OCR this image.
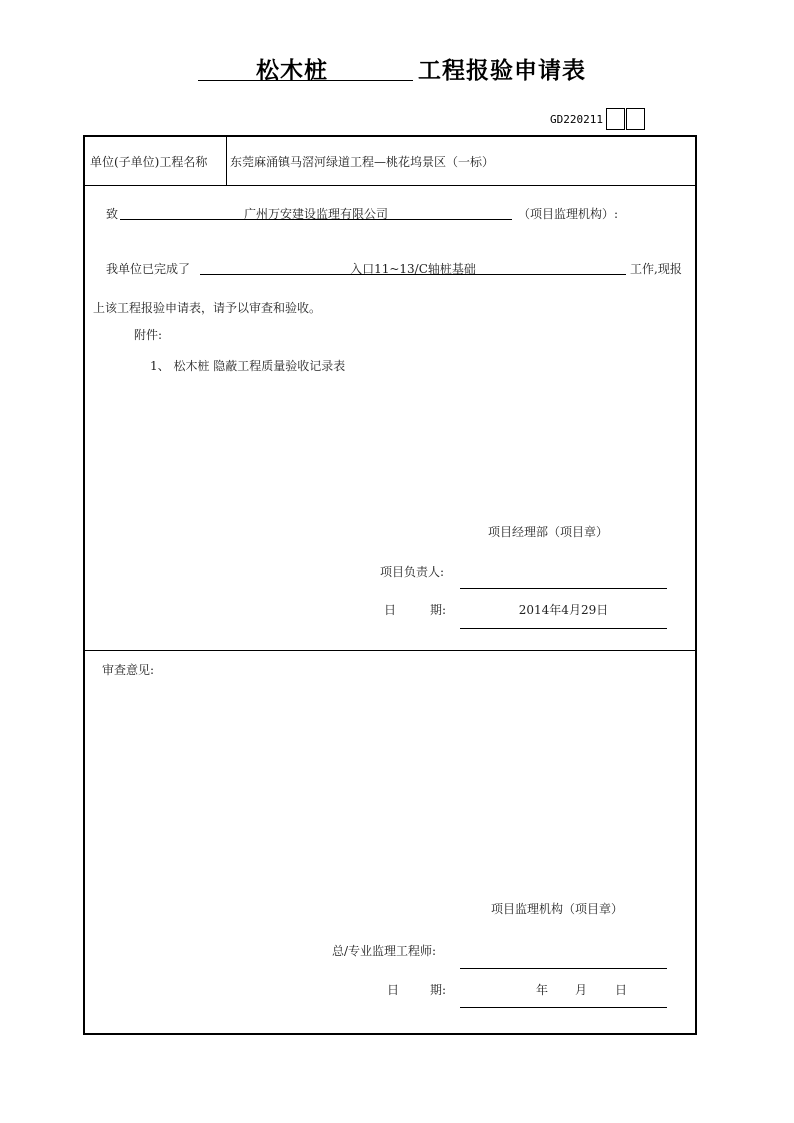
松木桩	工程报验申请表
GD220211
单位(子单位)工程名称 东莞麻涌镇马滘河绿道工程—桃花坞景区（一标）
致	广州万安建设监理有限公司	（项目监理机构）:
我单位已完成了	入口11~13/C轴桩基础	工作,现报
上该工程报验申请表，请予以审查和验收。
附件:
1、 松木桩 隐蔽工程质量验收记录表
项目经理部（项目章）
项目负责人:
日	期:	2014年4月29日
审查意见:
项目监理机构（项目章）
总/专业监理工程师:
日	期:	年 月 日
